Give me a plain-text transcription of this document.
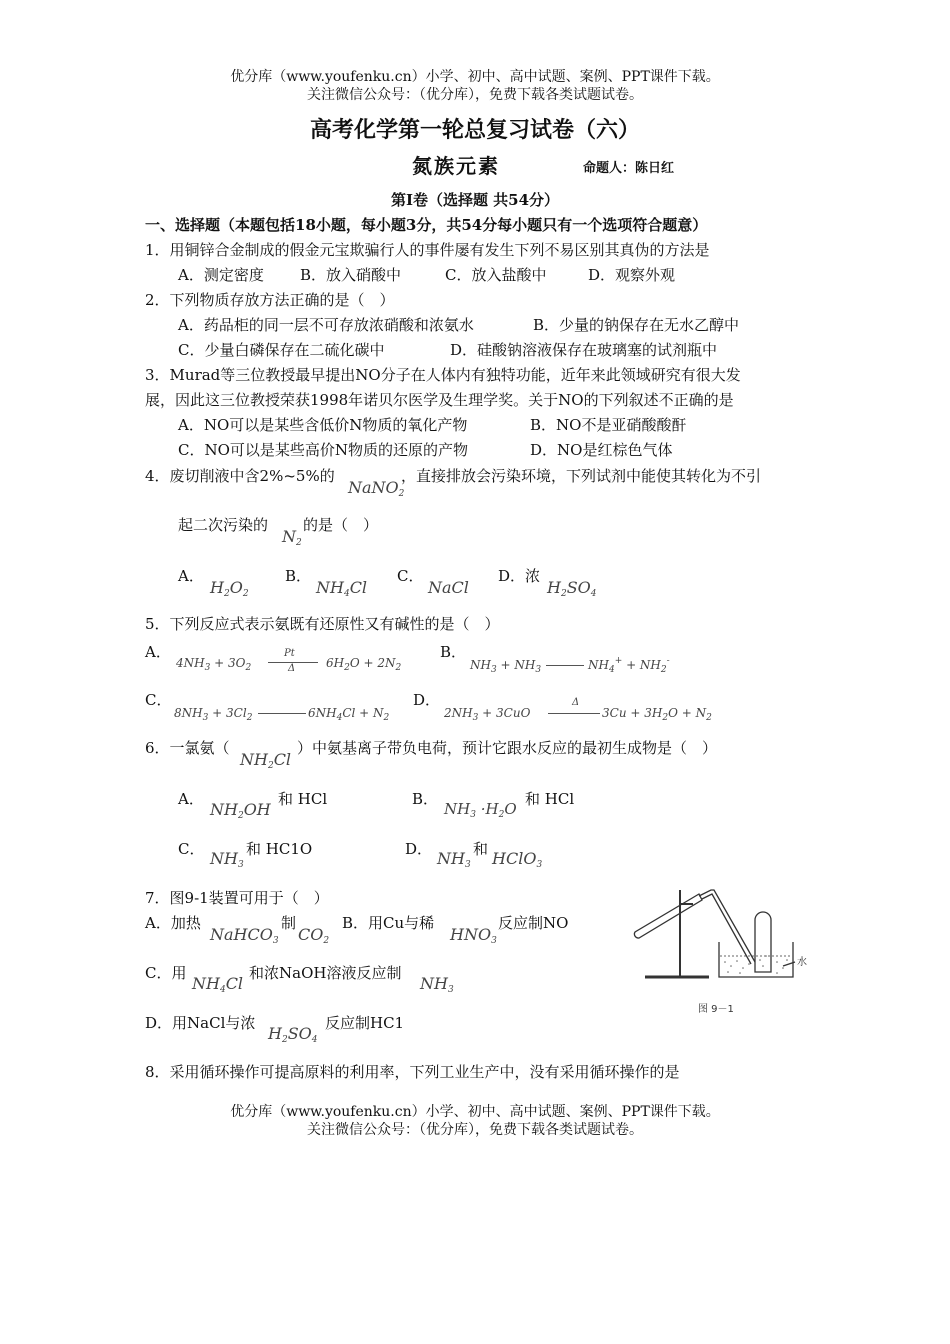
优分库（www.youfenku.cn）小学、初中、高中试题、案例、PPT课件下载。
关注微信公众号：（优分库），免费下载各类试题试卷。
高考化学第一轮总复习试卷（六）
氮族元素	命题人：陈日红
第Ⅰ卷（选择题 共54分）
一、选择题（本题包括18小题，每小题3分，共54分每小题只有一个选项符合题意）
1．用铜锌合金制成的假金元宝欺骗行人的事件屡有发生下列不易区别其真伪的方法是
A．测定密度 B．放入硝酸中	C．放入盐酸中	D．观察外观
2．下列物质存放方法正确的是（　）
A．药品柜的同一层不可存放浓硝酸和浓氨水	B．少量的钠保存在无水乙醇中
C．少量白磷保存在二硫化碳中	D．硅酸钠溶液保存在玻璃塞的试剂瓶中
3．Murad等三位教授最早提出NO分子在人体内有独特功能，近年来此领域研究有很大发
展，因此这三位教授荣获1998年诺贝尔医学及生理学奖。关于NO的下列叙述不正确的是
A．NO可以是某些含低价N物质的氧化产物	B．NO不是亚硝酸酸酐
C．NO可以是某些高价N物质的还原的产物	D．NO是红棕色气体
4．废切削液中含2%~5%的
NaNO$_2$
，直接排放会污染环境，下列试剂中能使其转化为不引
起二次污染的
$N_2$
的是（　）
A．
$H_2O_2$
B．
$NH_4Cl$
C．
NaCl
D．浓
$H_2SO_4$
5．下列反应式表示氨既有还原性又有碱性的是（　）
A．
$4NH_3 + 3O_2$
Pt
Δ	$6H_2O + 2N_2$
B．
$NH_3 + NH_3$	$NH_4^+ + NH_2^-$
C．
$8NH_3 + 3Cl_2$	$6NH_4Cl + N_2$
D．
$2NH_3 + 3CuO$
Δ
$3Cu + 3H_2O + N_2$
6．一氯氨（
$NH_2Cl$
）中氨基离子带负电荷，预计它跟水反应的最初生成物是（　）
A．
$NH_2OH$
和 HCl	B．
$NH_3 \cdot H_2O$
和 HCl
C． $NH_3$
和 HC1O	D． $NH_3$
和 HClO$_3$
7．图9-1装置可用于（　）
A．加热
NaHCO$_3$
制
$CO_2$
B．用Cu与稀
$HNO_3$
反应制NO
C．用
$NH_4Cl$
和浓NaOH溶液反应制
$NH_3$
D．用NaCl与浓
$H_2SO_4$
反应制HC1
水
图 9－1
8．采用循环操作可提高原料的利用率，下列工业生产中，没有采用循环操作的是
优分库（www.youfenku.cn）小学、初中、高中试题、案例、PPT课件下载。
关注微信公众号：（优分库），免费下载各类试题试卷。
